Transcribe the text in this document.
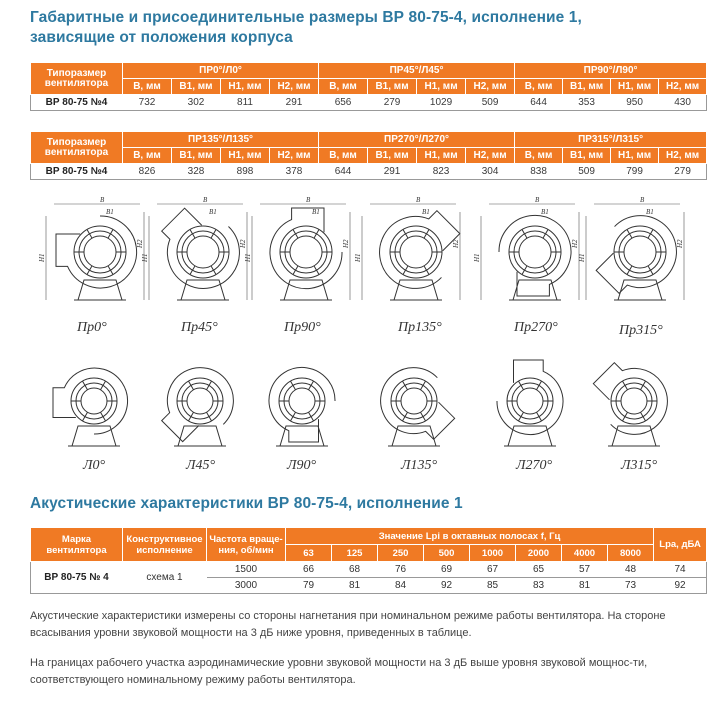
Габаритные и присоединительные размеры ВР 80-75-4, исполнение 1,
зависящие от положения корпуса
Типоразмер вентилятора	ПР0°/Л0°				ПР45°/Л45°				ПР90°/Л90°			
	В, мм	В1, мм	Н1, мм	Н2, мм	В, мм	В1, мм	Н1, мм	Н2, мм	В, мм	В1, мм	Н1, мм	Н2, мм
ВР 80-75 №4	732	302	811	291	656	279	1029	509	644	353	950	430
Типоразмер вентилятора	ПР135°/Л135°				ПР270°/Л270°				ПР315°/Л315°			
	В, мм	В1, мм	Н1, мм	Н2, мм	В, мм	В1, мм	Н1, мм	Н2, мм	В, мм	В1, мм	Н1, мм	Н2, мм
ВР 80-75 №4	826	328	898	378	644	291	823	304	838	509	799	279
B
B1
H1
H2
B
B1
H1
H2
B
B1
H1
H2
B
B1
H1
H2
B
B1
H1
H2
B
B1
H1
H2
Пр0°	Пр45°	Пр90°	Пр135°	Пр270°	Пр315°
Л0°	Л45°	Л90°	Л135°	Л270°	Л315°
Акустические характеристики ВР 80-75-4, исполнение 1
Марка вентилятора	Конструктивное исполнение	Частота враще-ния, об/мин	Значение Lpi в октавных полосах f, Гц								Lpa, дБА
			63	125	250	500	1000	2000	4000	8000	
ВР 80-75 № 4	схема 1	1500	66	68	76	69	67	65	57	48	74
		3000	79	81	84	92	85	83	81	73	92
Акустические характеристики измерены со стороны нагнетания при номинальном режиме работы вентилятора. На стороне всасывания уровни звуковой мощности на 3 дБ ниже уровня, приведенных в таблице.
На границах рабочего участка аэродинамические уровни звуковой мощности на 3 дБ выше уровня звуковой мощнос-ти, соответствующего номинальному режиму работы вентилятора.
